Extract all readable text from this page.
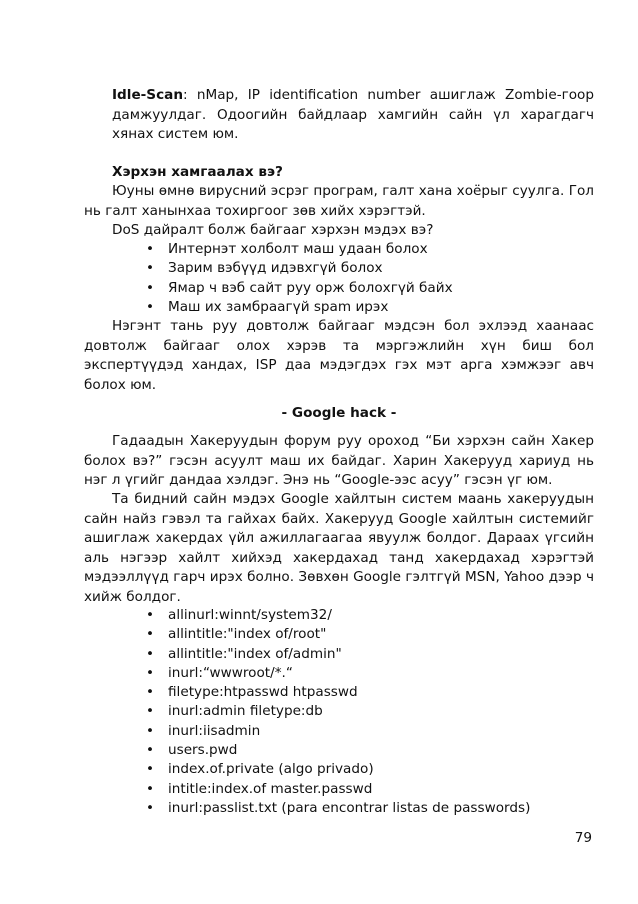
Idle-Scan: nMap, IP identification number ашиглаж Zombie-гоор дамжуулдаг. Одоогийн байдлаар хамгийн сайн үл харагдагч хянах систем юм.

Хэрхэн хамгаалах вэ?

Юуны өмнө вирусний эсрэг програм, галт хана хоёрыг суулга. Гол нь галт ханынхаа тохиргоог зөв хийх хэрэгтэй.

DoS дайралт болж байгааг хэрхэн мэдэх вэ?
• Интернэт холболт маш удаан болох
• Зарим вэбүүд идэвхгүй болох
• Ямар ч вэб сайт руу орж болохгүй байх
• Маш их замбраагүй spam ирэх

Нэгэнт тань руу довтолж байгааг мэдсэн бол эхлээд хаанаас довтолж байгааг олох хэрэв та мэргэжлийн хүн биш бол экспертүүдэд хандах, ISP даа мэдэгдэх гэх мэт арга хэмжээг авч болох юм.

- Google hack -

Гадаадын Хакеруудын форум руу ороход “Би хэрхэн сайн Хакер болох вэ?” гэсэн асуулт маш их байдаг. Харин Хакерууд хариуд нь нэг л үгийг дандаа хэлдэг. Энэ нь “Google-ээс асуу” гэсэн үг юм.

Та бидний сайн мэдэх Google хайлтын систем маань хакеруудын сайн найз гэвэл та гайхах байх. Хакерууд Google хайлтын системийг ашиглаж хакердах үйл ажиллагаагаа явуулж болдог. Дараах үгсийн аль нэгээр хайлт хийхэд хакердахад танд хакердахад хэрэгтэй мэдээллүүд гарч ирэх болно. Зөвхөн Google гэлтгүй MSN, Yahoo дээр ч хийж болдог.

• allinurl:winnt/system32/
• allintitle:"index of/root"
• allintitle:"index of/admin"
• inurl:“wwwroot/*.“
• filetype:htpasswd htpasswd
• inurl:admin filetype:db
• inurl:iisadmin
• users.pwd
• index.of.private (algo privado)
• intitle:index.of master.passwd
• inurl:passlist.txt (para encontrar listas de passwords)
79
